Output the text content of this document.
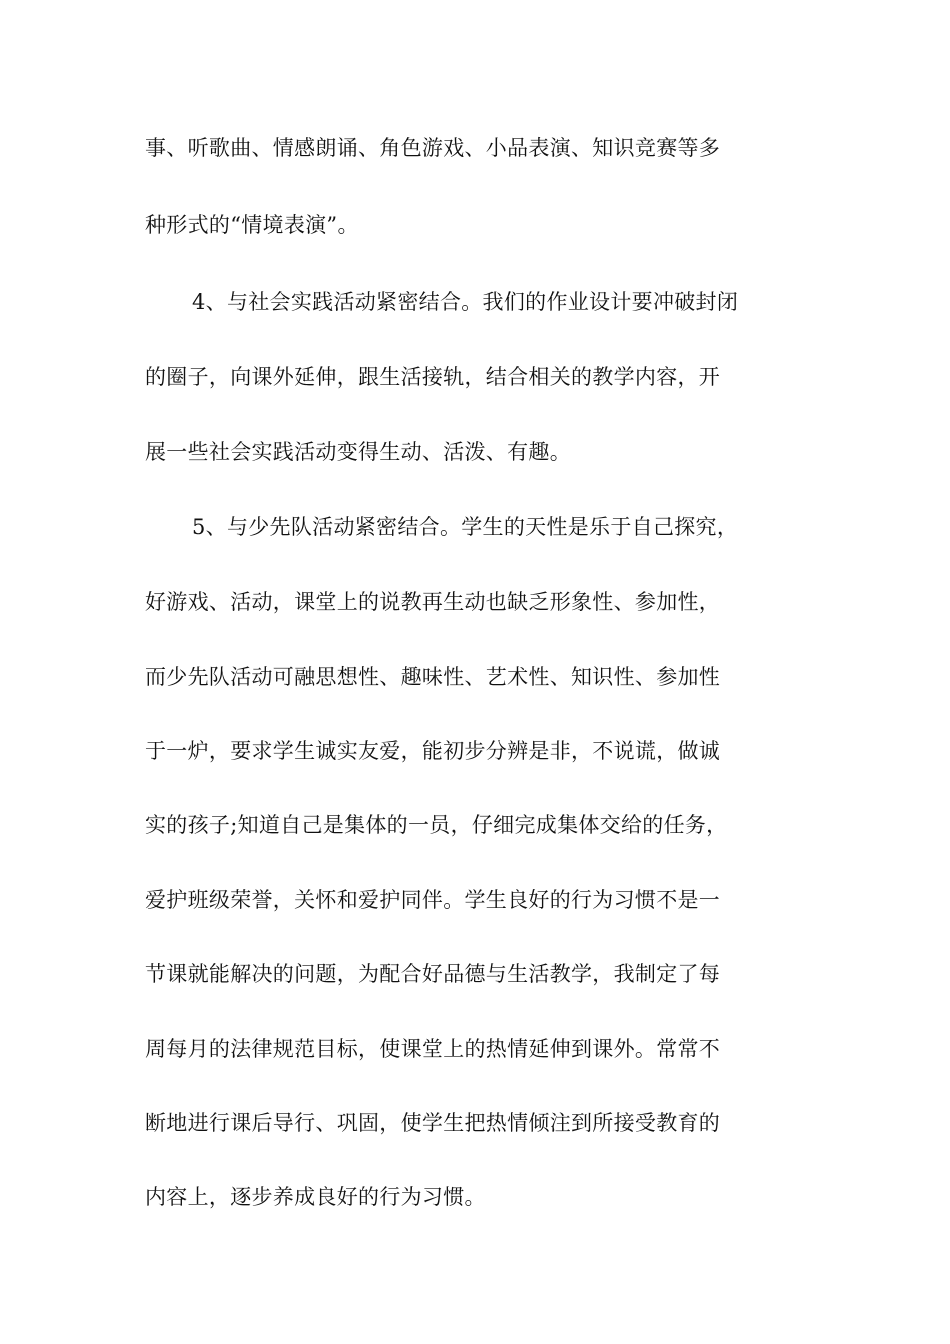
事、听歌曲、情感朗诵、角色游戏、小品表演、知识竞赛等多
种形式的“情境表演”。
4、与社会实践活动紧密结合。我们的作业设计要冲破封闭
的圈子，向课外延伸，跟生活接轨，结合相关的教学内容，开
展一些社会实践活动变得生动、活泼、有趣。
5、与少先队活动紧密结合。学生的天性是乐于自己探究，
好游戏、活动，课堂上的说教再生动也缺乏形象性、参加性，
而少先队活动可融思想性、趣味性、艺术性、知识性、参加性
于一炉，要求学生诚实友爱，能初步分辨是非，不说谎，做诚
实的孩子;知道自己是集体的一员，仔细完成集体交给的任务，
爱护班级荣誉，关怀和爱护同伴。学生良好的行为习惯不是一
节课就能解决的问题，为配合好品德与生活教学，我制定了每
周每月的法律规范目标，使课堂上的热情延伸到课外。常常不
断地进行课后导行、巩固，使学生把热情倾注到所接受教育的
内容上，逐步养成良好的行为习惯。
